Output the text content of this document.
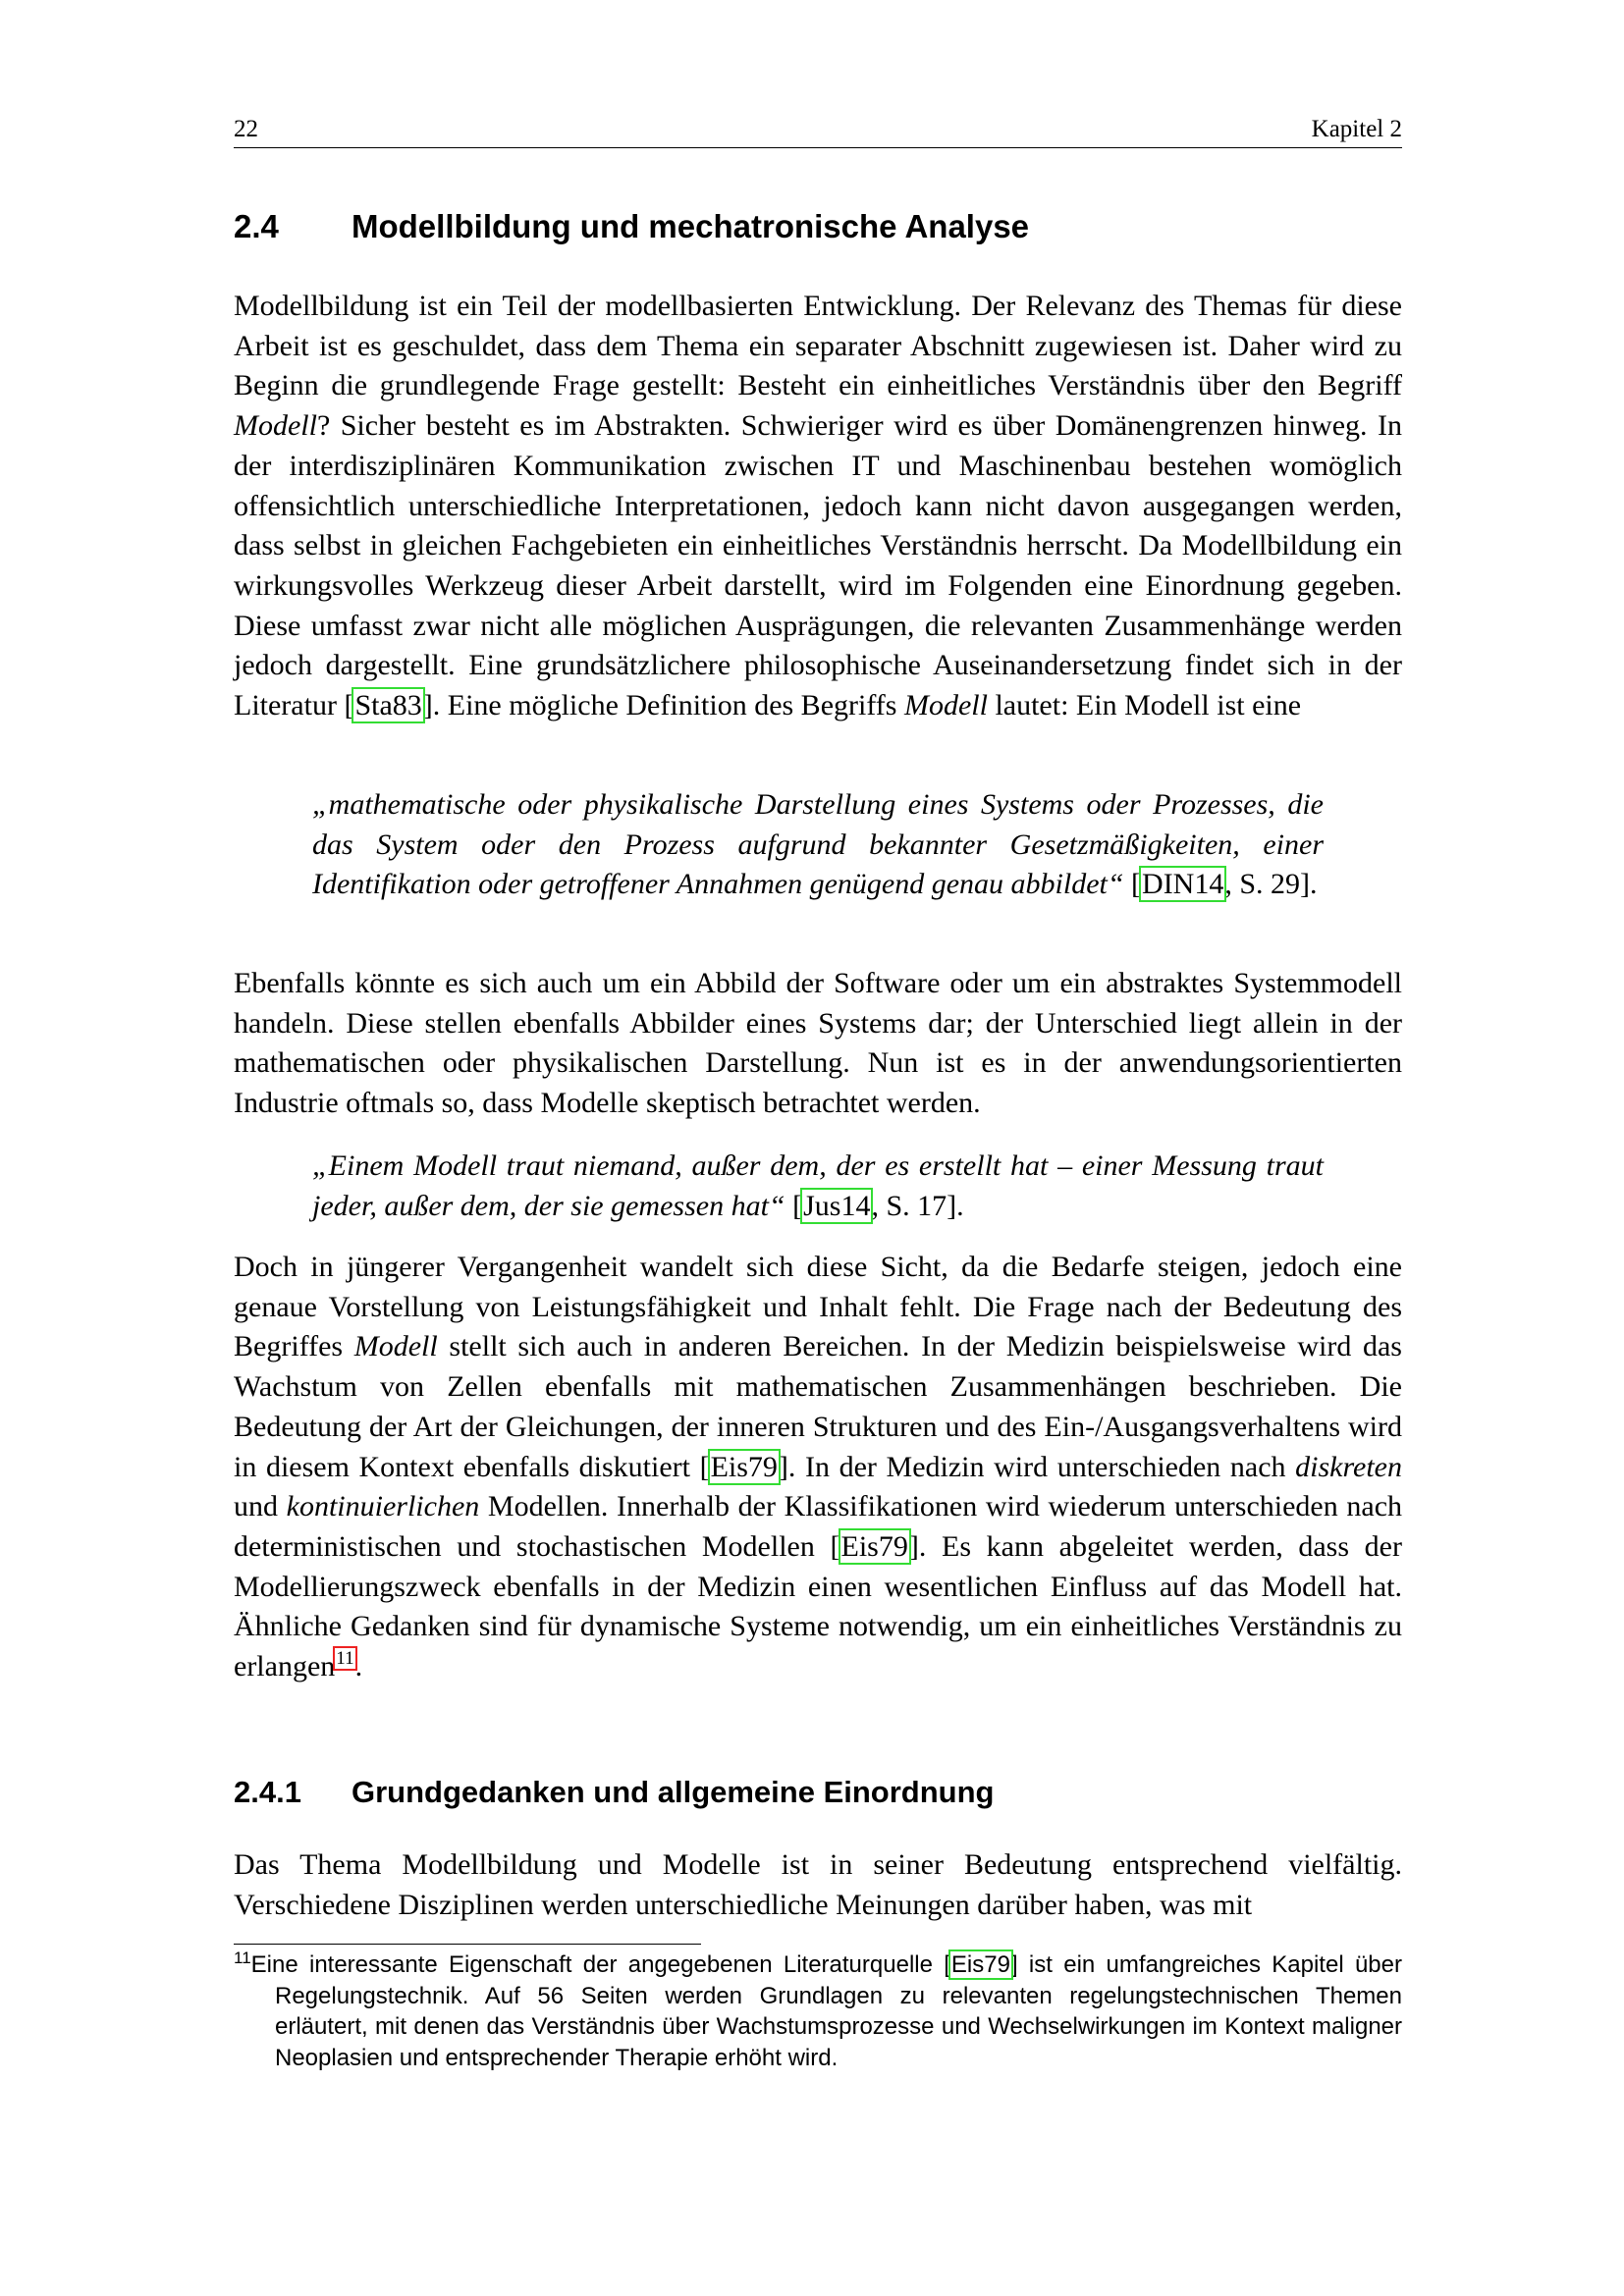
22	Kapitel 2
2.4 Modellbildung und mechatronische Analyse

Modellbildung ist ein Teil der modellbasierten Entwicklung. Der Relevanz des Themas für diese Arbeit ist es geschuldet, dass dem Thema ein separater Abschnitt zugewiesen ist. Daher wird zu Beginn die grundlegende Frage gestellt: Besteht ein einheitliches Verständnis über den Begriff Modell? Sicher besteht es im Abstrakten. Schwieriger wird es über Domänengrenzen hinweg. In der interdisziplinären Kommunikation zwischen IT und Maschinenbau bestehen womöglich offensichtlich unterschiedliche Interpretationen, jedoch kann nicht davon ausgegangen werden, dass selbst in gleichen Fachgebieten ein einheitliches Verständnis herrscht. Da Modellbildung ein wirkungsvolles Werkzeug dieser Arbeit darstellt, wird im Folgenden eine Einordnung gegeben. Diese umfasst zwar nicht alle möglichen Ausprägungen, die relevanten Zusammenhänge werden jedoch dargestellt. Eine grundsätzlichere philosophische Auseinandersetzung findet sich in der Literatur [Sta83]. Eine mögliche Definition des Begriffs Modell lautet: Ein Modell ist eine

„mathematische oder physikalische Darstellung eines Systems oder Prozesses, die das System oder den Prozess aufgrund bekannter Gesetzmäßigkeiten, einer Identifikation oder getroffener Annahmen genügend genau abbildet“ [DIN14, S. 29].

Ebenfalls könnte es sich auch um ein Abbild der Software oder um ein abstraktes Systemmodell handeln. Diese stellen ebenfalls Abbilder eines Systems dar; der Unterschied liegt allein in der mathematischen oder physikalischen Darstellung. Nun ist es in der anwendungsorientierten Industrie oftmals so, dass Modelle skeptisch betrachtet werden.

„Einem Modell traut niemand, außer dem, der es erstellt hat – einer Messung traut jeder, außer dem, der sie gemessen hat“ [Jus14, S. 17].

Doch in jüngerer Vergangenheit wandelt sich diese Sicht, da die Bedarfe steigen, jedoch eine genaue Vorstellung von Leistungsfähigkeit und Inhalt fehlt. Die Frage nach der Bedeutung des Begriffes Modell stellt sich auch in anderen Bereichen. In der Medizin beispielsweise wird das Wachstum von Zellen ebenfalls mit mathematischen Zusammenhängen beschrieben. Die Bedeutung der Art der Gleichungen, der inneren Strukturen und des Ein-/Ausgangsverhaltens wird in diesem Kontext ebenfalls diskutiert [Eis79]. In der Medizin wird unterschieden nach diskreten und kontinuierlichen Modellen. Innerhalb der Klassifikationen wird wiederum unterschieden nach deterministischen und stochastischen Modellen [Eis79]. Es kann abgeleitet werden, dass der Modellierungszweck ebenfalls in der Medizin einen wesentlichen Einfluss auf das Modell hat. Ähnliche Gedanken sind für dynamische Systeme notwendig, um ein einheitliches Verständnis zu erlangen$^{11}$.

2.4.1 Grundgedanken und allgemeine Einordnung

Das Thema Modellbildung und Modelle ist in seiner Bedeutung entsprechend vielfältig. Verschiedene Disziplinen werden unterschiedliche Meinungen darüber haben, was mit

$^{11}$Eine interessante Eigenschaft der angegebenen Literaturquelle [Eis79] ist ein umfangreiches Kapitel über Regelungstechnik. Auf 56 Seiten werden Grundlagen zu relevanten regelungstechnischen Themen erläutert, mit denen das Verständnis über Wachstumsprozesse und Wechselwirkungen im Kontext maligner Neoplasien und entsprechender Therapie erhöht wird.
